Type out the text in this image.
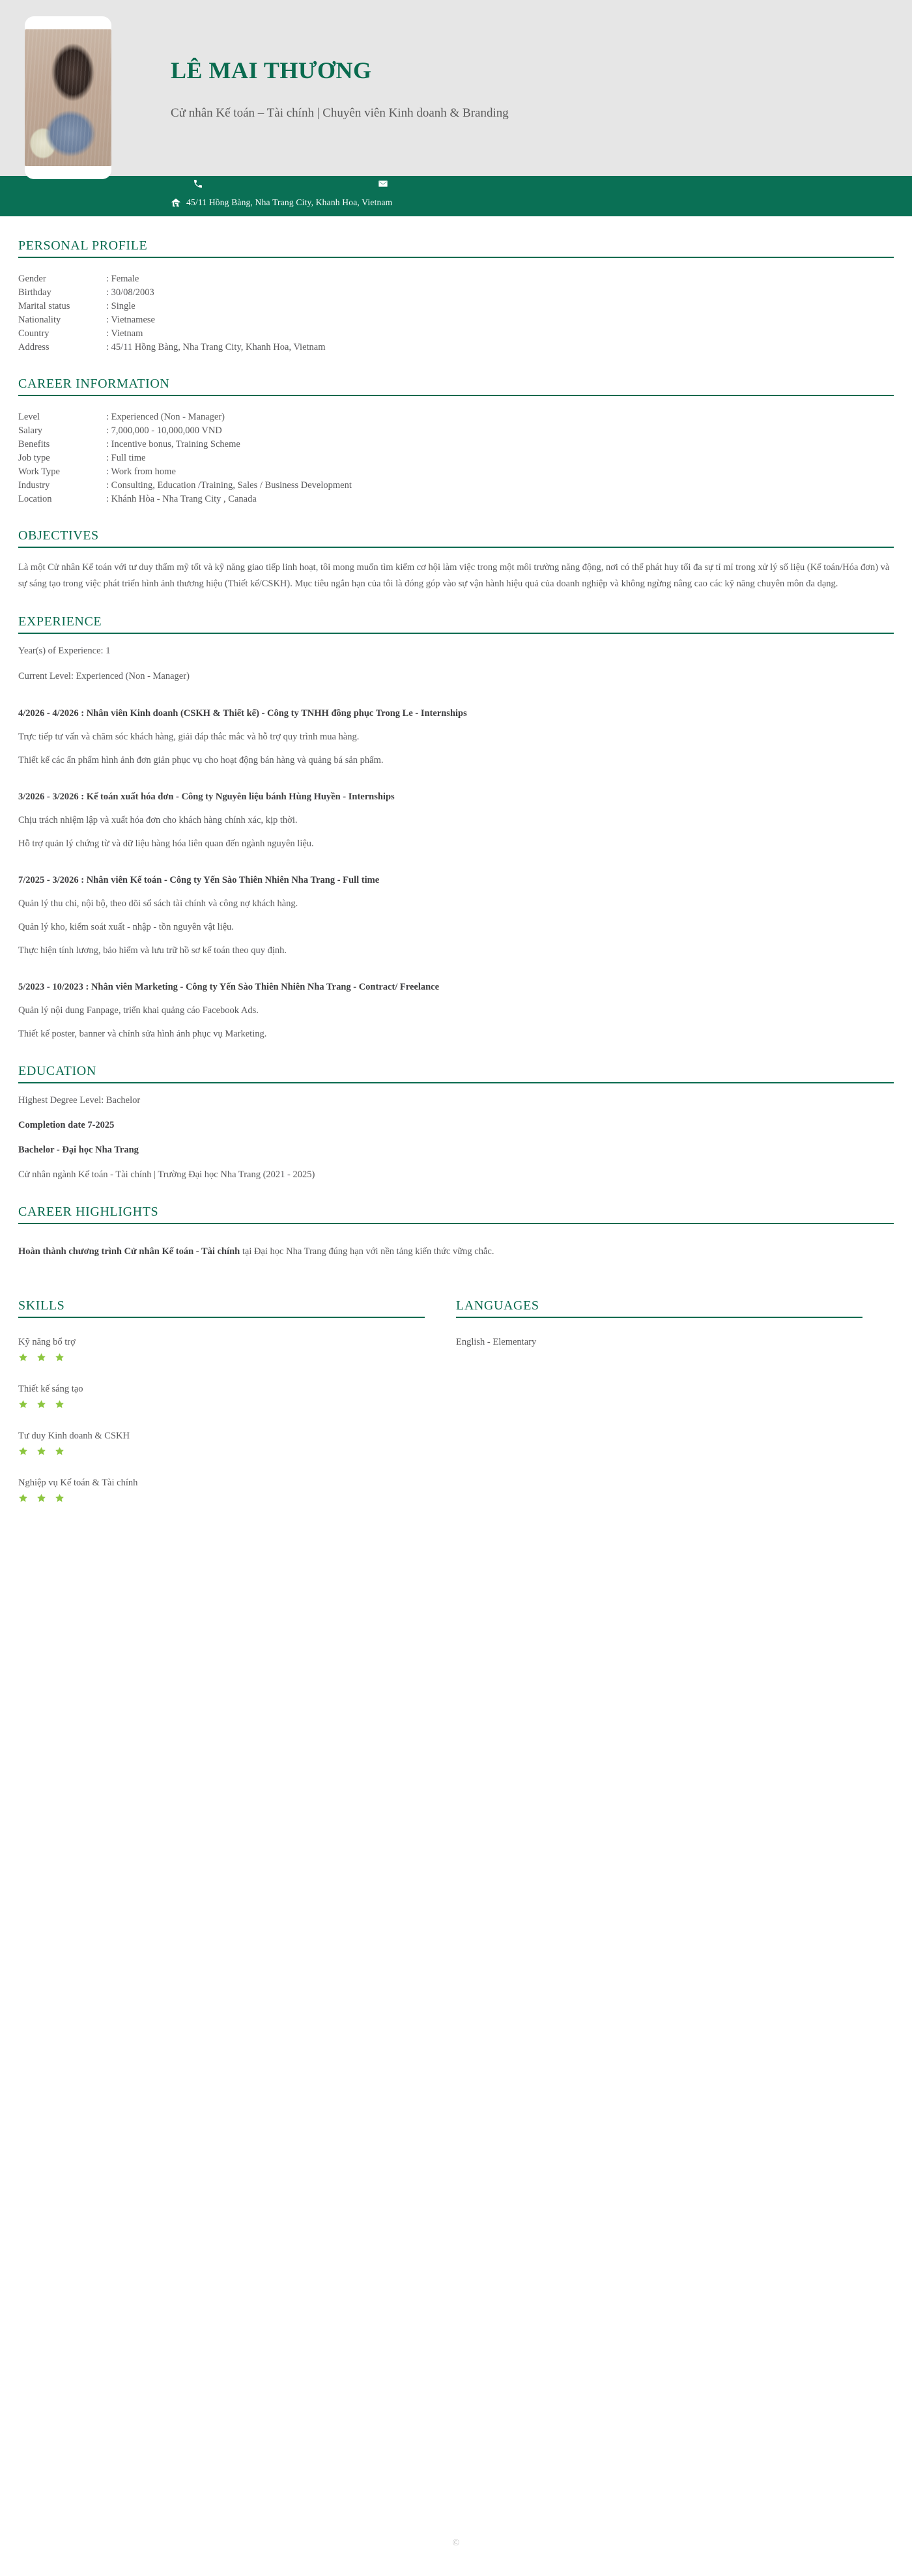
LÊ MAI THƯƠNG

Cử nhân Kế toán – Tài chính | Chuyên viên Kinh doanh & Branding

45/11 Hồng Bàng, Nha Trang City, Khanh Hoa, Vietnam
PERSONAL PROFILE
Gender	: Female
Birthday	: 30/08/2003
Marital status	: Single
Nationality	: Vietnamese
Country	: Vietnam
Address	: 45/11 Hồng Bàng, Nha Trang City, Khanh Hoa, Vietnam
CAREER INFORMATION
Level	: Experienced (Non - Manager)
Salary	: 7,000,000 - 10,000,000 VND
Benefits	: Incentive bonus, Training Scheme
Job type	: Full time
Work Type	: Work from home
Industry	: Consulting, Education /Training, Sales / Business Development
Location	: Khánh Hòa - Nha Trang City , Canada
OBJECTIVES

Là một Cử nhân Kế toán với tư duy thẩm mỹ tốt và kỹ năng giao tiếp linh hoạt, tôi mong muốn tìm kiếm cơ hội làm việc trong một môi trường năng động, nơi có thể phát huy tối đa sự tỉ mỉ trong xử lý số liệu (Kế toán/Hóa đơn) và sự sáng tạo trong việc phát triển hình ảnh thương hiệu (Thiết kế/CSKH). Mục tiêu ngắn hạn của tôi là đóng góp vào sự vận hành hiệu quả của doanh nghiệp và không ngừng nâng cao các kỹ năng chuyên môn đa dạng.

EXPERIENCE

Year(s) of Experience: 1

Current Level: Experienced (Non - Manager)

4/2026 - 4/2026 : Nhân viên Kinh doanh (CSKH & Thiết kế) - Công ty TNHH đồng phục Trong Le - Internships

Trực tiếp tư vấn và chăm sóc khách hàng, giải đáp thắc mắc và hỗ trợ quy trình mua hàng.

Thiết kế các ấn phẩm hình ảnh đơn giản phục vụ cho hoạt động bán hàng và quảng bá sản phẩm.

3/2026 - 3/2026 : Kế toán xuất hóa đơn - Công ty Nguyên liệu bánh Hùng Huyền - Internships

Chịu trách nhiệm lập và xuất hóa đơn cho khách hàng chính xác, kịp thời.

Hỗ trợ quản lý chứng từ và dữ liệu hàng hóa liên quan đến ngành nguyên liệu.

7/2025 - 3/2026 : Nhân viên Kế toán - Công ty Yến Sào Thiên Nhiên Nha Trang - Full time

Quản lý thu chi, nội bộ, theo dõi sổ sách tài chính và công nợ khách hàng.

Quản lý kho, kiểm soát xuất - nhập - tồn nguyên vật liệu.

Thực hiện tính lương, bảo hiểm và lưu trữ hồ sơ kế toán theo quy định.

5/2023 - 10/2023 : Nhân viên Marketing - Công ty Yến Sào Thiên Nhiên Nha Trang - Contract/ Freelance

Quản lý nội dung Fanpage, triển khai quảng cáo Facebook Ads.

Thiết kế poster, banner và chỉnh sửa hình ảnh phục vụ Marketing.

EDUCATION

Highest Degree Level: Bachelor

Completion date 7-2025

Bachelor - Đại học Nha Trang

Cử nhân ngành Kế toán - Tài chính | Trường Đại học Nha Trang (2021 - 2025)

CAREER HIGHLIGHTS

Hoàn thành chương trình Cử nhân Kế toán - Tài chính tại Đại học Nha Trang đúng hạn với nền tảng kiến thức vững chắc.

SKILLS
Kỹ năng bổ trợ

Thiết kế sáng tạo

Tư duy Kinh doanh & CSKH

Nghiệp vụ Kế toán & Tài chính

LANGUAGES
English - Elementary
©
